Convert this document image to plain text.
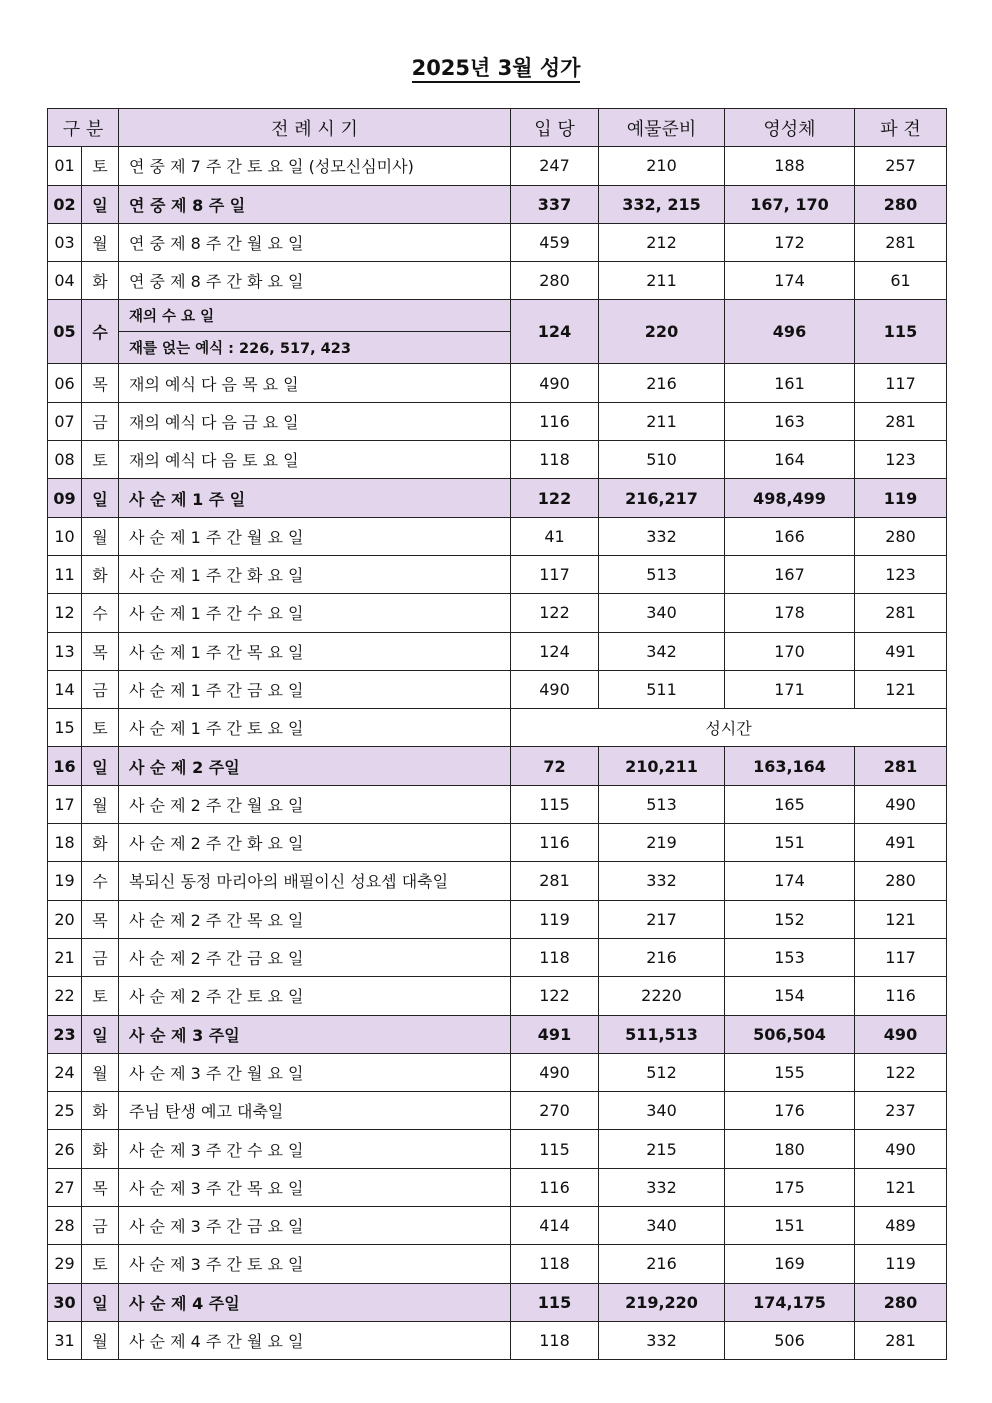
2025년 3월 성가
구 분		전 례 시 기	입 당	예물준비	영성체	파 견
01	토	연 중 제 7 주 간 토 요 일 (성모신심미사)	247	210	188	257
02	일	연 중 제 8 주 일	337	332, 215	167, 170	280
03	월	연 중 제 8 주 간 월 요 일	459	212	172	281
04	화	연 중 제 8 주 간 화 요 일	280	211	174	61
05	수	재의 수 요 일	124	220	496	115
		재를 얹는 예식 : 226, 517, 423				
06	목	재의 예식 다 음 목 요 일	490	216	161	117
07	금	재의 예식 다 음 금 요 일	116	211	163	281
08	토	재의 예식 다 음 토 요 일	118	510	164	123
09	일	사 순 제 1 주 일	122	216,217	498,499	119
10	월	사 순 제 1 주 간 월 요 일	41	332	166	280
11	화	사 순 제 1 주 간 화 요 일	117	513	167	123
12	수	사 순 제 1 주 간 수 요 일	122	340	178	281
13	목	사 순 제 1 주 간 목 요 일	124	342	170	491
14	금	사 순 제 1 주 간 금 요 일	490	511	171	121
15	토	사 순 제 1 주 간 토 요 일	성시간			
16	일	사 순 제 2 주일	72	210,211	163,164	281
17	월	사 순 제 2 주 간 월 요 일	115	513	165	490
18	화	사 순 제 2 주 간 화 요 일	116	219	151	491
19	수	복되신 동정 마리아의 배필이신 성요셉 대축일	281	332	174	280
20	목	사 순 제 2 주 간 목 요 일	119	217	152	121
21	금	사 순 제 2 주 간 금 요 일	118	216	153	117
22	토	사 순 제 2 주 간 토 요 일	122	2220	154	116
23	일	사 순 제 3 주일	491	511,513	506,504	490
24	월	사 순 제 3 주 간 월 요 일	490	512	155	122
25	화	주님 탄생 예고 대축일	270	340	176	237
26	화	사 순 제 3 주 간 수 요 일	115	215	180	490
27	목	사 순 제 3 주 간 목 요 일	116	332	175	121
28	금	사 순 제 3 주 간 금 요 일	414	340	151	489
29	토	사 순 제 3 주 간 토 요 일	118	216	169	119
30	일	사 순 제 4 주일	115	219,220	174,175	280
31	월	사 순 제 4 주 간 월 요 일	118	332	506	281
